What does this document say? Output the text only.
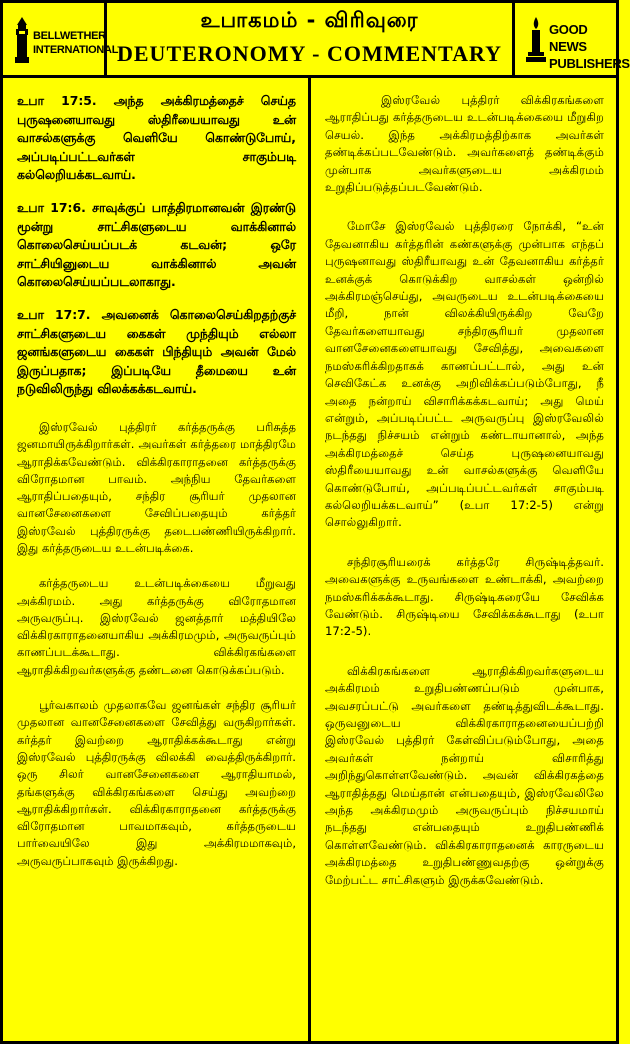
BELLWETHER INTERNATIONAL
உபாகமம் - விரிவுரை
DEUTERONOMY - COMMENTARY
GOOD NEWS PUBLISHERS

உபா 17:5. அந்த அக்கிரமத்தைச் செய்த புருஷனையாவது ஸ்திரீயையாவது உன் வாசல்களுக்கு வெளியே கொண்டுபோய், அப்படிப்பட்டவர்கள் சாகும்படி கல்லெறியக்கடவாய்.

உபா 17:6. சாவுக்குப் பாத்திரமானவன் இரண்டு மூன்று சாட்சிகளுடைய வாக்கினால் கொலைசெய்யப்படக் கடவன்; ஒரே சாட்சியினுடைய வாக்கினால் அவன் கொலைசெய்யப்படலாகாது.

உபா 17:7. அவனைக் கொலைசெய்கிறதற்குச் சாட்சிகளுடைய கைகள் முந்தியும் எல்லா ஜனங்களுடைய கைகள் பிந்தியும் அவன் மேல் இருப்பதாக; இப்படியே தீமையை உன் நடுவிலிருந்து விலக்கக்கடவாய்.

இஸ்ரவேல் புத்திரர் கர்த்தருக்கு பரிசுத்த ஜனமாயிருக்கிறார்கள். அவர்கள் கர்த்தரை மாத்திரமே ஆராதிக்கவேண்டும். விக்கிரகாராதனை கர்த்தருக்கு விரோதமான பாவம். அந்நிய தேவர்களை ஆராதிப்பதையும், சந்திர சூரியர் முதலான வானசேனைகளை சேவிப்பதையும் கர்த்தர் இஸ்ரவேல் புத்திரருக்கு தடைபண்ணியிருக்கிறார். இது கர்த்தருடைய உடன்படிக்கை.

கர்த்தருடைய உடன்படிக்கையை மீறுவது அக்கிரமம். அது கர்த்தருக்கு விரோதமான அருவருப்பு. இஸ்ரவேல் ஜனத்தார் மத்தியிலே விக்கிரகாராதனையாகிய அக்கிரமமும், அருவருப்பும் காணப்படக்கூடாது. விக்கிரகங்களை ஆராதிக்கிறவர்களுக்கு தண்டனை கொடுக்கப்படும்.

பூர்வகாலம் முதலாகவே ஜனங்கள் சந்திர சூரியர் முதலான வானசேனைகளை சேவித்து வருகிறார்கள். கர்த்தர் இவற்றை ஆராதிக்கக்கூடாது என்று இஸ்ரவேல் புத்திரருக்கு விலக்கி வைத்திருக்கிறார். ஒரு சிலர் வானசேனைகளை ஆராதியாமல், தங்களுக்கு விக்கிரகங்களை செய்து அவற்றை ஆராதிக்கிறார்கள். விக்கிரகாராதனை கர்த்தருக்கு விரோதமான பாவமாகவும், கர்த்தருடைய பார்வையிலே இது அக்கிரமமாகவும், அருவருப்பாகவும் இருக்கிறது.

இஸ்ரவேல் புத்திரர் விக்கிரகங்களை ஆராதிப்பது கர்த்தருடைய உடன்படிக்கையை மீறுகிற செயல். இந்த அக்கிரமத்திற்காக அவர்கள் தண்டிக்கப்படவேண்டும். அவர்களைத் தண்டிக்கும் முன்பாக அவர்களுடைய அக்கிரமம் உறுதிப்படுத்தப்படவேண்டும்.

மோசே இஸ்ரவேல் புத்திரரை நோக்கி, “உன் தேவனாகிய கர்த்தரின் கண்களுக்கு முன்பாக எந்தப் புருஷனாவது ஸ்திரீயாவது உன் தேவனாகிய கர்த்தர் உனக்குக் கொடுக்கிற வாசல்கள் ஒன்றில் அக்கிரமஞ்செய்து, அவருடைய உடன்படிக்கையை மீறி, நான் விலக்கியிருக்கிற வேறே தேவர்களையாவது சந்திரசூரியர் முதலான வானசேனைகளையாவது சேவித்து, அவைகளை நமஸ்கரிக்கிறதாகக் காணப்பட்டால், அது உன் செவிகேட்க உனக்கு அறிவிக்கப்படும்போது, நீ அதை நன்றாய் விசாரிக்கக்கடவாய்; அது மெய் என்றும், அப்படிப்பட்ட அருவருப்பு இஸ்ரவேலில் நடந்தது நிச்சயம் என்றும் கண்டாயானால், அந்த அக்கிரமத்தைச் செய்த புருஷனையாவது ஸ்திரீயையாவது உன் வாசல்களுக்கு வெளியே கொண்டுபோய், அப்படிப்பட்டவர்கள் சாகும்படி கல்லெறியக்கடவாய்” (உபா 17:2-5) என்று சொல்லுகிறார்.

சந்திரசூரியரைக் கர்த்தரே சிருஷ்டித்தவர். அவைகளுக்கு உருவங்களை உண்டாக்கி, அவற்றை நமஸ்கரிக்கக்கூடாது. சிருஷ்டிகரையே சேவிக்க வேண்டும். சிருஷ்டியை சேவிக்கக்கூடாது (உபா 17:2-5).

விக்கிரகங்களை ஆராதிக்கிறவர்களுடைய அக்கிரமம் உறுதிபண்ணப்படும் முன்பாக, அவசரப்பட்டு அவர்களை தண்டித்துவிடக்கூடாது. ஒருவனுடைய விக்கிரகாராதனையைப்பற்றி இஸ்ரவேல் புத்திரர் கேள்விப்படும்போது, அதை அவர்கள் நன்றாய் விசாரித்து அறிந்துகொள்ளவேண்டும். அவன் விக்கிரகத்தை ஆராதித்தது மெய்தான் என்பதையும், இஸ்ரவேலிலே அந்த அக்கிரமமும் அருவருப்பும் நிச்சயமாய் நடந்தது என்பதையும் உறுதிபண்ணிக் கொள்ளவேண்டும். விக்கிரகாராதனைக் காரருடைய அக்கிரமத்தை உறுதிபண்ணுவதற்கு ஒன்றுக்கு மேற்பட்ட சாட்சிகளும் இருக்கவேண்டும்.
